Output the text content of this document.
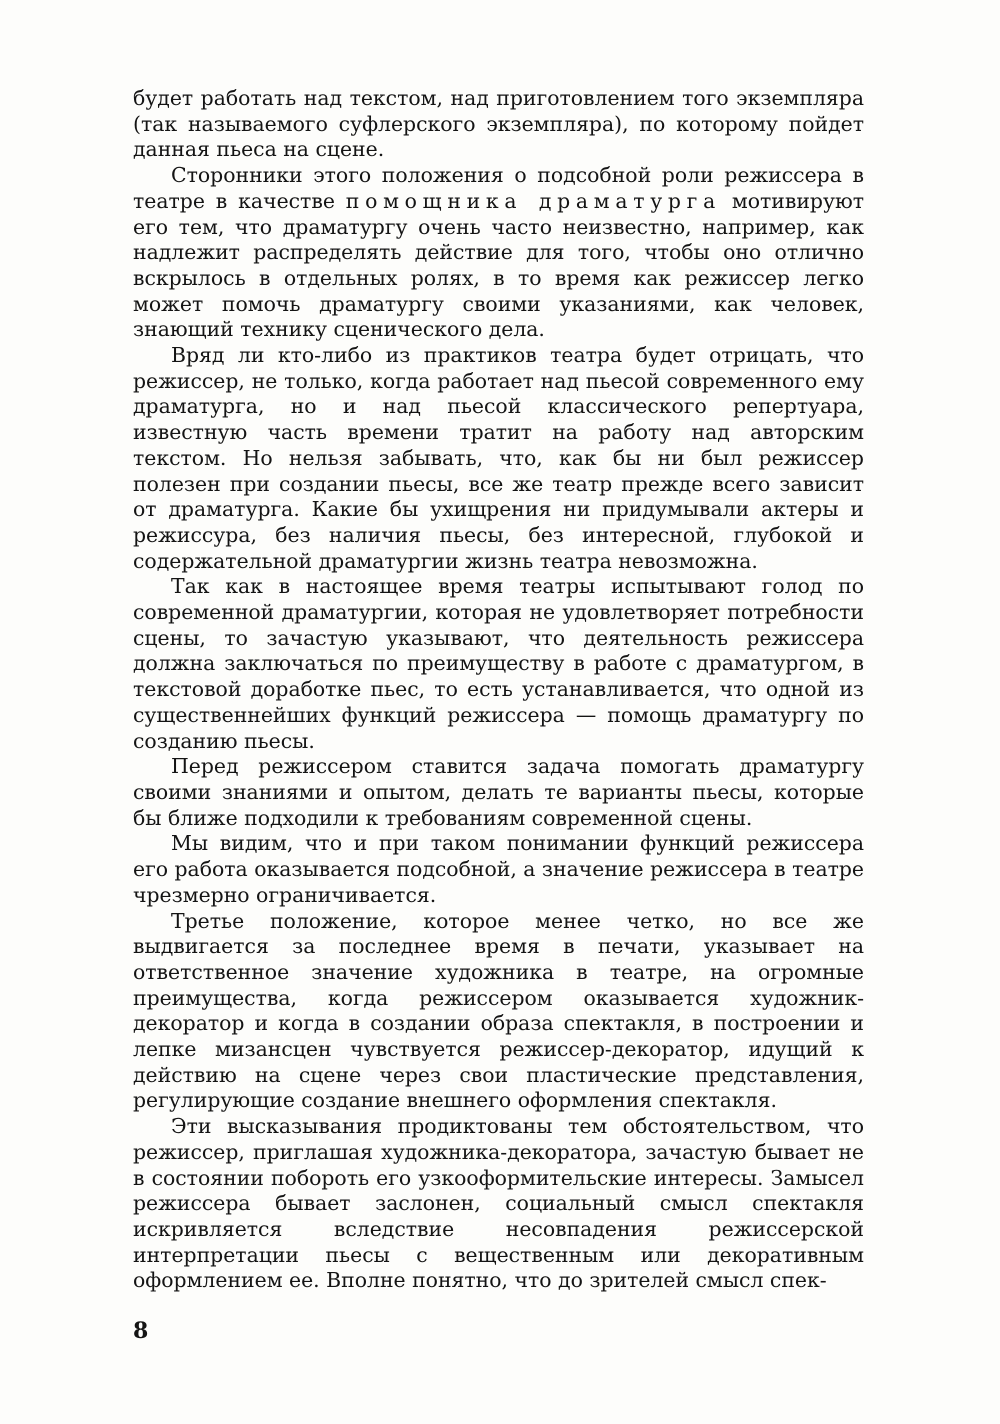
будет работать над текстом, над приготовлением того экземпляра (так называемого суфлерского экземпляра), по которому пойдет данная пьеса на сцене.

Сторонники этого положения о подсобной роли режиссера в театре в качестве помощника драматурга мотивируют его тем, что драматургу очень часто неизвестно, например, как надлежит распределять действие для того, чтобы оно отлично вскрылось в отдельных ролях, в то время как режиссер легко может помочь драматургу своими указаниями, как человек, знающий технику сценического дела.

Вряд ли кто-либо из практиков театра будет отрицать, что режиссер, не только, когда работает над пьесой современного ему драматурга, но и над пьесой классического репертуара, известную часть времени тратит на работу над авторским текстом. Но нельзя забывать, что, как бы ни был режиссер полезен при создании пьесы, все же театр прежде всего зависит от драматурга. Какие бы ухищрения ни придумывали актеры и режиссура, без наличия пьесы, без интересной, глубокой и содержательной драматургии жизнь театра невозможна.

Так как в настоящее время театры испытывают голод по современной драматургии, которая не удовлетворяет потребности сцены, то зачастую указывают, что деятельность режиссера должна заключаться по преимуществу в работе с драматургом, в текстовой доработке пьес, то есть устанавливается, что одной из существеннейших функций режиссера — помощь драматургу по созданию пьесы.

Перед режиссером ставится задача помогать драматургу своими знаниями и опытом, делать те варианты пьесы, которые бы ближе подходили к требованиям современной сцены.

Мы видим, что и при таком понимании функций режиссера его работа оказывается подсобной, а значение режиссера в театре чрезмерно ограничивается.

Третье положение, которое менее четко, но все же выдвигается за последнее время в печати, указывает на ответственное значение художника в театре, на огромные преимущества, когда режиссером оказывается художник-декоратор и когда в создании образа спектакля, в построении и лепке мизансцен чувствуется режиссер-декоратор, идущий к действию на сцене через свои пластические представления, регулирующие создание внешнего оформления спектакля.

Эти высказывания продиктованы тем обстоятельством, что режиссер, приглашая художника-декоратора, зачастую бывает не в состоянии побороть его узкооформительские интересы. Замысел режиссера бывает заслонен, социальный смысл спектакля искривляется вследствие несовпадения режиссерской интерпретации пьесы с вещественным или декоративным оформлением ее. Вполне понятно, что до зрителей смысл спек-

8
